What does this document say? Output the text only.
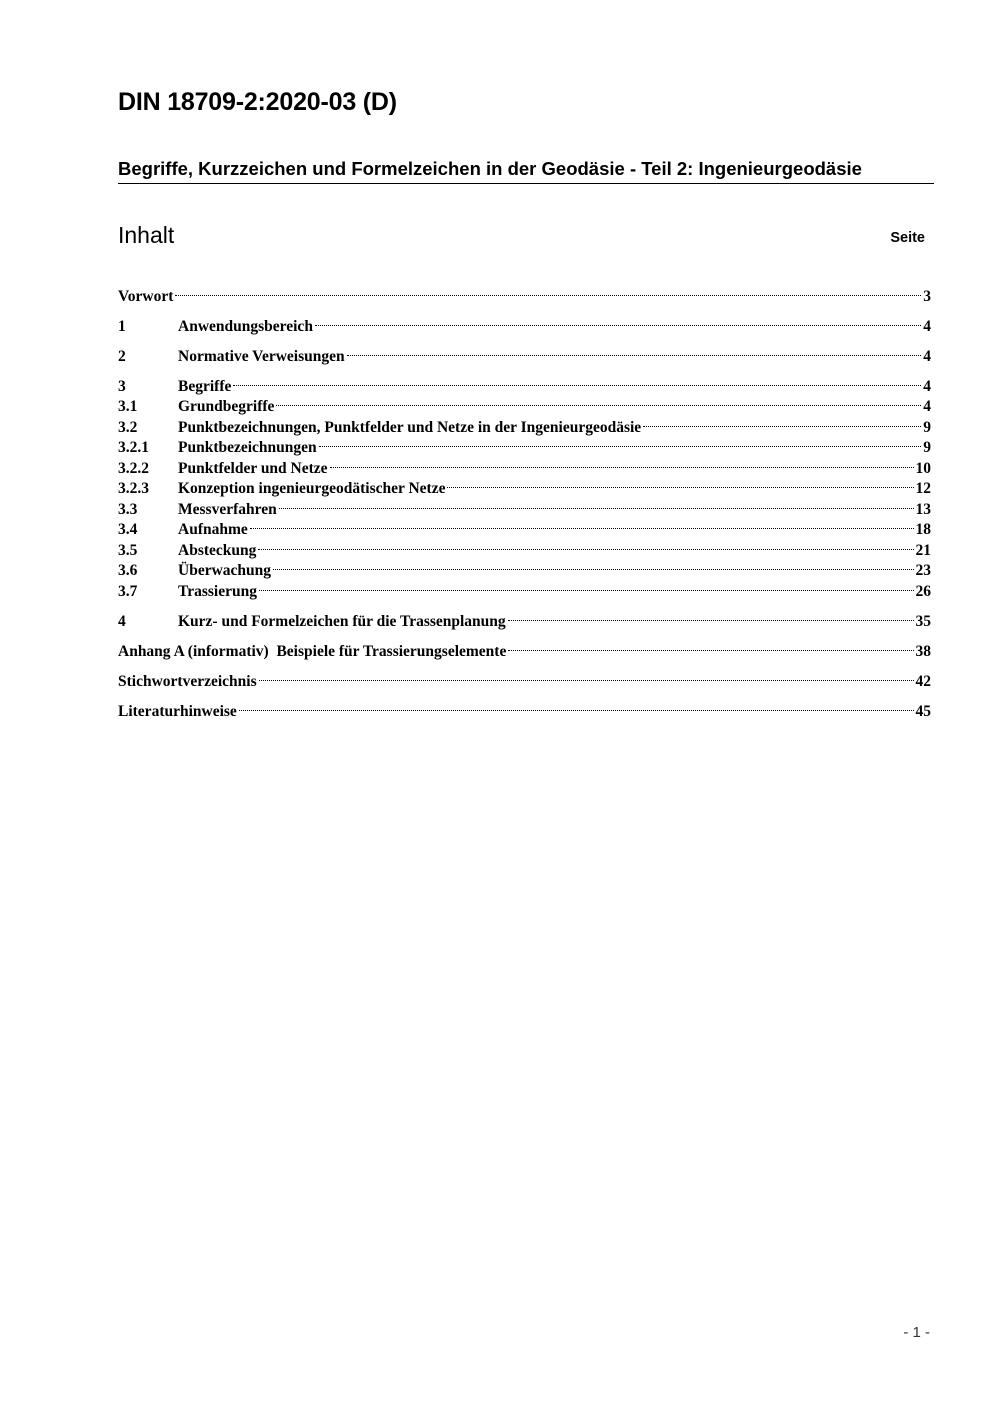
DIN 18709-2:2020-03 (D)
Begriffe, Kurzzeichen und Formelzeichen in der Geodäsie - Teil 2: Ingenieurgeodäsie
Inhalt	Seite
Vorwort	3
1	Anwendungsbereich	4
2	Normative Verweisungen	4
3	Begriffe	4
3.1	Grundbegriffe	4
3.2	Punktbezeichnungen, Punktfelder und Netze in der Ingenieurgeodäsie	9
3.2.1	Punktbezeichnungen	9
3.2.2	Punktfelder und Netze	10
3.2.3	Konzeption ingenieurgeodätischer Netze	12
3.3	Messverfahren	13
3.4	Aufnahme	18
3.5	Absteckung	21
3.6	Überwachung	23
3.7	Trassierung	26
4	Kurz- und Formelzeichen für die Trassenplanung	35
Anhang A (informativ)  Beispiele für Trassierungselemente	38
Stichwortverzeichnis	42
Literaturhinweise	45
- 1 -
